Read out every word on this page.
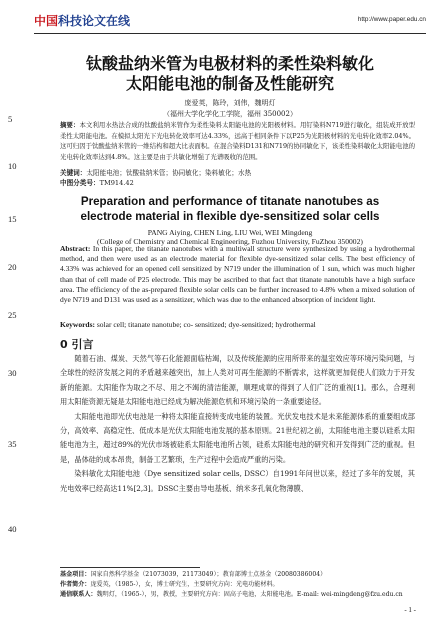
中国科技论文在线	http://www.paper.edu.cn
钛酸盐纳米管为电极材料的柔性染料敏化
太阳能电池的制备及性能研究
庞爱英，陈玲，刘伟，魏明灯
（福州大学化学化工学院，福州 350002）
5
10
摘要：本文利用水热法合成的钛酸盐纳米管作为柔性染料太阳能电池的光阳极材料。用钌染料N719进行敏化，组装成开放型柔性太阳能电池。在模拟太阳光下光电转化效率可达4.33%，远高于相同条件下以P25为光阳极材料的光电转化效率2.04%。这可归因于钛酸盐纳米管的一维结构和超大比表面积。在混合染料D131和N719的协同敏化下，该柔性染料敏化太阳能电池的光电转化效率达到4.8%。这主要是由于共敏化增强了光谱吸收的范围。
关键词：太阳能电池；钛酸盐纳米管；协同敏化；染料敏化；水热
中图分类号：TM914.42
Preparation and performance of titanate nanotubes as
15	electrode material in flexible dye-sensitized solar cells
PANG Aiying, CHEN Ling, LIU Wei, WEI Mingdeng
(College of Chemistry and Chemical Engineering, Fuzhou University, FuZhou 350002)
20
25
Abstract: In this paper, the titanate nanotubes with a multiwall structure were synthesized by using a hydrothermal method, and then were used as an electrode material for flexible dye-sensitized solar cells. The best efficiency of 4.33% was achieved for an opened cell sensitized by N719 under the illumination of 1 sun, which was much higher than that of cell made of P25 electrode. This may be ascribed to that fact that titanate nanotubls have a high surface area. The efficiency of the as-prepared flexible solar cells can be further increased to 4.8% when a mixed solution of dye N719 and D131 was used as a sensitizer, which was due to the enhanced absorption of incident light.
Keywords: solar cell; titanate nanotube; co- sensitized; dye-sensitized; hydrothermal
0 引言
30
35
40

随着石油、煤炭、天然气等石化能源面临枯竭，以及传统能源的应用所带来的温室效应等环境污染问题，与全球性的经济发展之间的矛盾越来越突出，加上人类对可再生能源的不断需求，这样就更加促使人们致力于开发新的能源。太阳能作为取之不尽、用之不竭的清洁能源，顺理成章的得到了人们广泛的重视[1]。那么，合理利用太阳能资源无疑是太阳能电池已经成为解决能源危机和环境污染的一条重要途径。

太阳能电池即光伏电池是一种将太阳能直接转变成电能的装置。光伏发电技术是未来能源体系的重要组成部分，高效率、高稳定性、低成本是光伏太阳能电池发展的基本原则。21世纪初之前，太阳能电池主要以硅系太阳能电池为主，超过89%的光伏市场被硅系太阳能电池所占领，硅系太阳能电池的研究和开发得到广泛的重视。但是，晶体硅的成本昂贵，制备工艺繁琐，生产过程中会造成严重的污染。

染料敏化太阳能电池（Dye sensitized solar cells, DSSC）自1991年问世以来，经过了多年的发展，其光电效率已经高达11%[2,3]。DSSC主要由导电基板、纳米多孔氧化物薄膜、

基金项目：国家自然科学基金（21073039，21173049）；教育部博士点基金（20080386004）
作者简介：庞爱英，（1985-），女，博士研究生，主要研究方向：光电功能材料。
通信联系人：魏明灯，（1965-），男，教授，主要研究方向：固高子电池，太阳能电池。E-mail: wei-mingdeng@fzu.edu.cn
- 1 -
